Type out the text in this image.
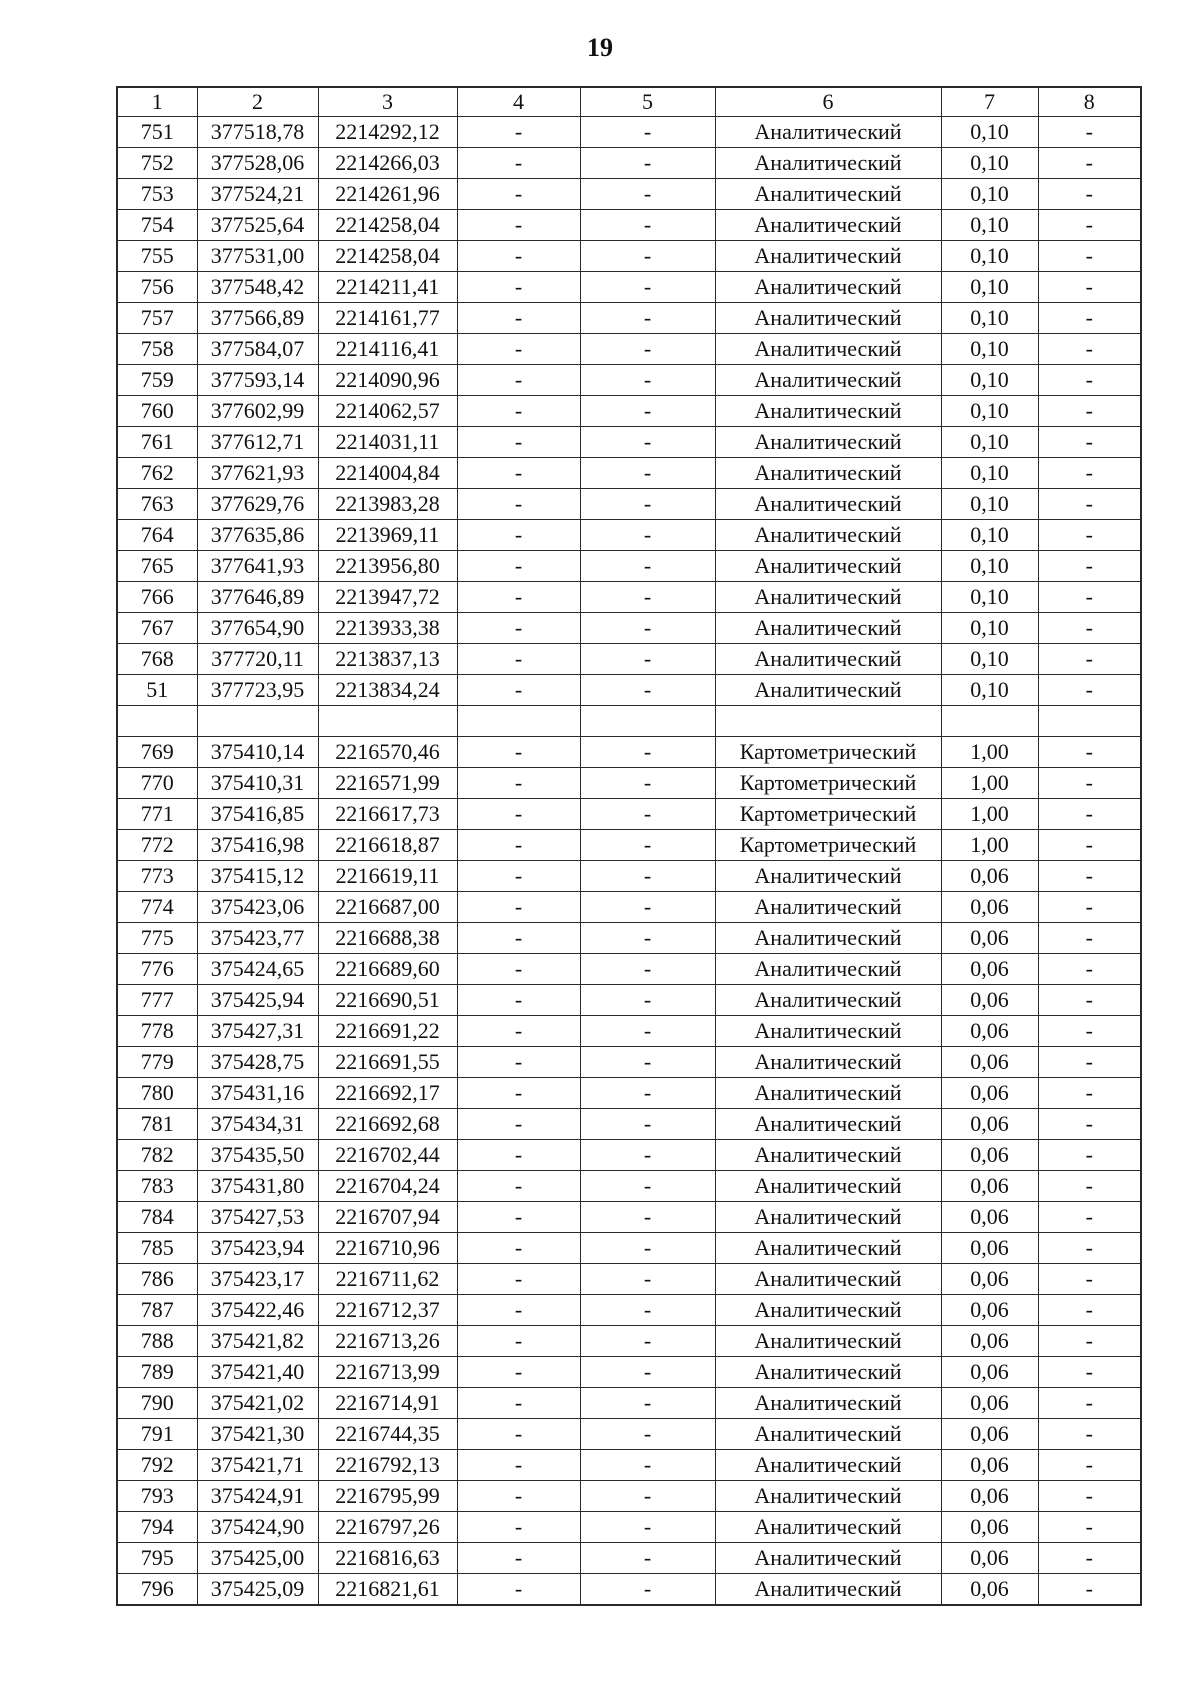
19
1	2	3	4	5	6	7	8
751	377518,78	2214292,12	-	-	Аналитический	0,10	-
752	377528,06	2214266,03	-	-	Аналитический	0,10	-
753	377524,21	2214261,96	-	-	Аналитический	0,10	-
754	377525,64	2214258,04	-	-	Аналитический	0,10	-
755	377531,00	2214258,04	-	-	Аналитический	0,10	-
756	377548,42	2214211,41	-	-	Аналитический	0,10	-
757	377566,89	2214161,77	-	-	Аналитический	0,10	-
758	377584,07	2214116,41	-	-	Аналитический	0,10	-
759	377593,14	2214090,96	-	-	Аналитический	0,10	-
760	377602,99	2214062,57	-	-	Аналитический	0,10	-
761	377612,71	2214031,11	-	-	Аналитический	0,10	-
762	377621,93	2214004,84	-	-	Аналитический	0,10	-
763	377629,76	2213983,28	-	-	Аналитический	0,10	-
764	377635,86	2213969,11	-	-	Аналитический	0,10	-
765	377641,93	2213956,80	-	-	Аналитический	0,10	-
766	377646,89	2213947,72	-	-	Аналитический	0,10	-
767	377654,90	2213933,38	-	-	Аналитический	0,10	-
768	377720,11	2213837,13	-	-	Аналитический	0,10	-
51	377723,95	2213834,24	-	-	Аналитический	0,10	-

769	375410,14	2216570,46	-	-	Картометрический	1,00	-
770	375410,31	2216571,99	-	-	Картометрический	1,00	-
771	375416,85	2216617,73	-	-	Картометрический	1,00	-
772	375416,98	2216618,87	-	-	Картометрический	1,00	-
773	375415,12	2216619,11	-	-	Аналитический	0,06	-
774	375423,06	2216687,00	-	-	Аналитический	0,06	-
775	375423,77	2216688,38	-	-	Аналитический	0,06	-
776	375424,65	2216689,60	-	-	Аналитический	0,06	-
777	375425,94	2216690,51	-	-	Аналитический	0,06	-
778	375427,31	2216691,22	-	-	Аналитический	0,06	-
779	375428,75	2216691,55	-	-	Аналитический	0,06	-
780	375431,16	2216692,17	-	-	Аналитический	0,06	-
781	375434,31	2216692,68	-	-	Аналитический	0,06	-
782	375435,50	2216702,44	-	-	Аналитический	0,06	-
783	375431,80	2216704,24	-	-	Аналитический	0,06	-
784	375427,53	2216707,94	-	-	Аналитический	0,06	-
785	375423,94	2216710,96	-	-	Аналитический	0,06	-
786	375423,17	2216711,62	-	-	Аналитический	0,06	-
787	375422,46	2216712,37	-	-	Аналитический	0,06	-
788	375421,82	2216713,26	-	-	Аналитический	0,06	-
789	375421,40	2216713,99	-	-	Аналитический	0,06	-
790	375421,02	2216714,91	-	-	Аналитический	0,06	-
791	375421,30	2216744,35	-	-	Аналитический	0,06	-
792	375421,71	2216792,13	-	-	Аналитический	0,06	-
793	375424,91	2216795,99	-	-	Аналитический	0,06	-
794	375424,90	2216797,26	-	-	Аналитический	0,06	-
795	375425,00	2216816,63	-	-	Аналитический	0,06	-
796	375425,09	2216821,61	-	-	Аналитический	0,06	-
